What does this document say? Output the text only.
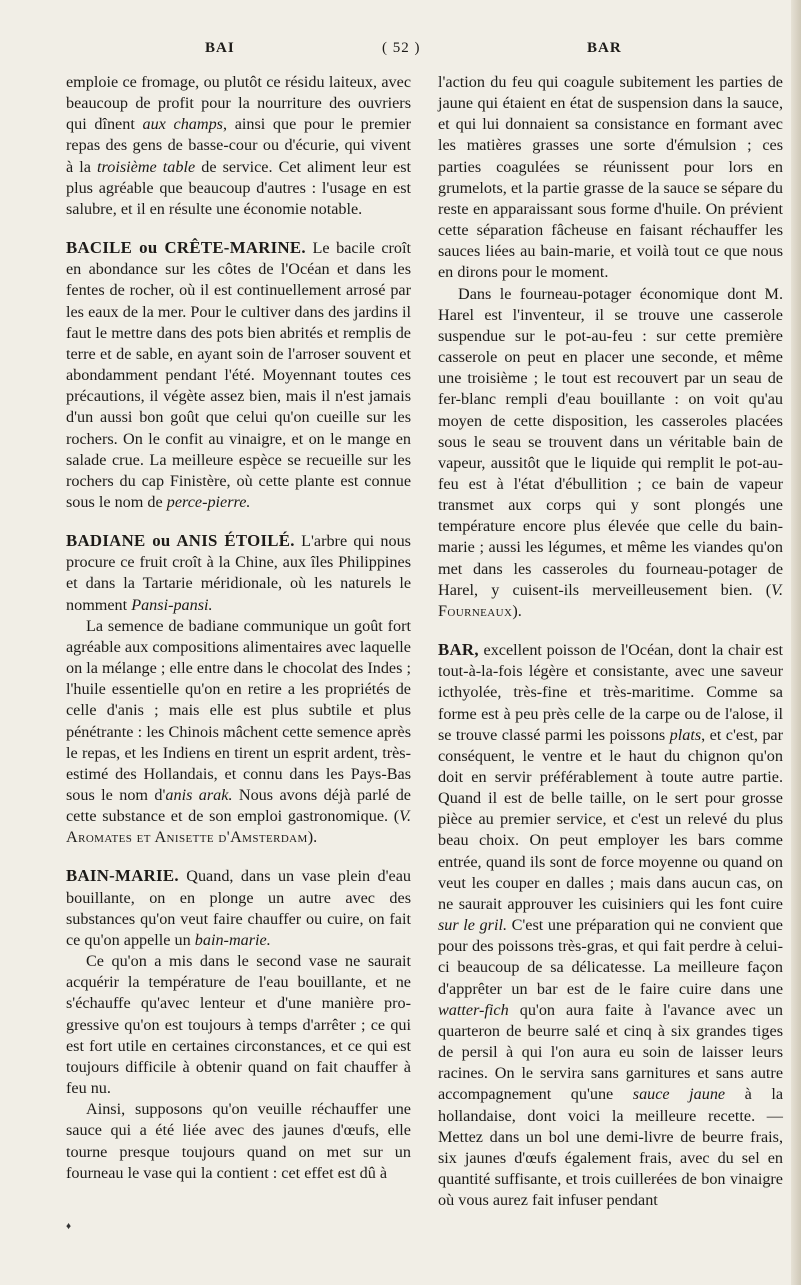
BAI	( 52 )	BAR

emploie ce fromage, ou plutôt ce résidu laiteux, avec beaucoup de profit pour la nourriture des ouvriers qui dînent aux champs, ainsi que pour le premier repas des gens de basse-cour ou d'écurie, qui vivent à la troisième table de service. Cet aliment leur est plus agréable que beaucoup d'autres : l'usage en est salubre, et il en résulte une économie notable.

BACILE ou CRÊTE-MARINE. Le bacile croît en abondance sur les côtes de l'Océan et dans les fentes de rocher, où il est continuellement arrosé par les eaux de la mer. Pour le cultiver dans des jardins il faut le mettre dans des pots bien abrités et remplis de terre et de sable, en ayant soin de l'arroser souvent et abondamment pendant l'été. Moyennant toutes ces précautions, il végète assez bien, mais il n'est jamais d'un aussi bon goût que celui qu'on cueille sur les rochers. On le confit au vinaigre, et on le mange en salade crue. La meilleure espèce se recueille sur les rochers du cap Finistère, où cette plante est connue sous le nom de perce-pierre.

BADIANE ou ANIS ÉTOILÉ. L'arbre qui nous procure ce fruit croît à la Chine, aux îles Philippines et dans la Tartarie méridionale, où les naturels le nomment Pansi-pansi.

La semence de badiane communique un goût fort agréable aux compositions alimentaires avec laquelle on la mélange ; elle entre dans le chocolat des Indes ; l'huile essentielle qu'on en retire a les propriétés de celle d'anis ; mais elle est plus subtile et plus pénétrante : les Chinois mâchent cette semence après le repas, et les Indiens en tirent un esprit ardent, très-estimé des Hollandais, et connu dans les Pays-Bas sous le nom d'anis arak. Nous avons déjà parlé de cette substance et de son emploi gastronomique. (V. Aromates et Anisette d'Amsterdam).

BAIN-MARIE. Quand, dans un vase plein d'eau bouillante, on en plonge un autre avec des substances qu'on veut faire chauffer ou cuire, on fait ce qu'on appelle un bain-marie.

Ce qu'on a mis dans le second vase ne saurait acquérir la température de l'eau bouillante, et ne s'échauffe qu'avec lenteur et d'une manière progressive qu'on est toujours à temps d'arrêter ; ce qui est fort utile en certaines circonstances, et ce qui est toujours difficile à obtenir quand on fait chauffer à feu nu.

Ainsi, supposons qu'on veuille réchauffer une sauce qui a été liée avec des jaunes d'œufs, elle tourne presque toujours quand on met sur un fourneau le vase qui la contient : cet effet est dû à

l'action du feu qui coagule subitement les parties de jaune qui étaient en état de suspension dans la sauce, et qui lui donnaient sa consistance en formant avec les matières grasses une sorte d'émulsion ; ces parties coagulées se réunissent pour lors en grumelots, et la partie grasse de la sauce se sépare du reste en apparaissant sous forme d'huile. On prévient cette séparation fâcheuse en faisant réchauffer les sauces liées au bain-marie, et voilà tout ce que nous en dirons pour le moment.

Dans le fourneau-potager économique dont M. Harel est l'inventeur, il se trouve une casserole suspendue sur le pot-au-feu : sur cette première casserole on peut en placer une seconde, et même une troisième ; le tout est recouvert par un seau de fer-blanc rempli d'eau bouillante : on voit qu'au moyen de cette disposition, les casseroles placées sous le seau se trouvent dans un véritable bain de vapeur, aussitôt que le liquide qui remplit le pot-au-feu est à l'état d'ébullition ; ce bain de vapeur transmet aux corps qui y sont plongés une température encore plus élevée que celle du bain-marie ; aussi les légumes, et même les viandes qu'on met dans les casseroles du fourneau-potager de Harel, y cuisent-ils merveilleusement bien. (V. Fourneaux).

BAR, excellent poisson de l'Océan, dont la chair est tout-à-la-fois légère et consistante, avec une saveur icthyolée, très-fine et très-maritime. Comme sa forme est à peu près celle de la carpe ou de l'alose, il se trouve classé parmi les poissons plats, et c'est, par conséquent, le ventre et le haut du chignon qu'on doit en servir préférablement à toute autre partie. Quand il est de belle taille, on le sert pour grosse pièce au premier service, et c'est un relevé du plus beau choix. On peut employer les bars comme entrée, quand ils sont de force moyenne ou quand on veut les couper en dalles ; mais dans aucun cas, on ne saurait approuver les cuisiniers qui les font cuire sur le gril. C'est une préparation qui ne convient que pour des poissons très-gras, et qui fait perdre à celui-ci beaucoup de sa délicatesse. La meilleure façon d'apprêter un bar est de le faire cuire dans une watter-fich qu'on aura faite à l'avance avec un quarteron de beurre salé et cinq à six grandes tiges de persil à qui l'on aura eu soin de laisser leurs racines. On le servira sans garnitures et sans autre accompagnement qu'une sauce jaune à la hollandaise, dont voici la meilleure recette. — Mettez dans un bol une demi-livre de beurre frais, six jaunes d'œufs également frais, avec du sel en quantité suffisante, et trois cuillerées de bon vinaigre où vous aurez fait infuser pendant

♦
